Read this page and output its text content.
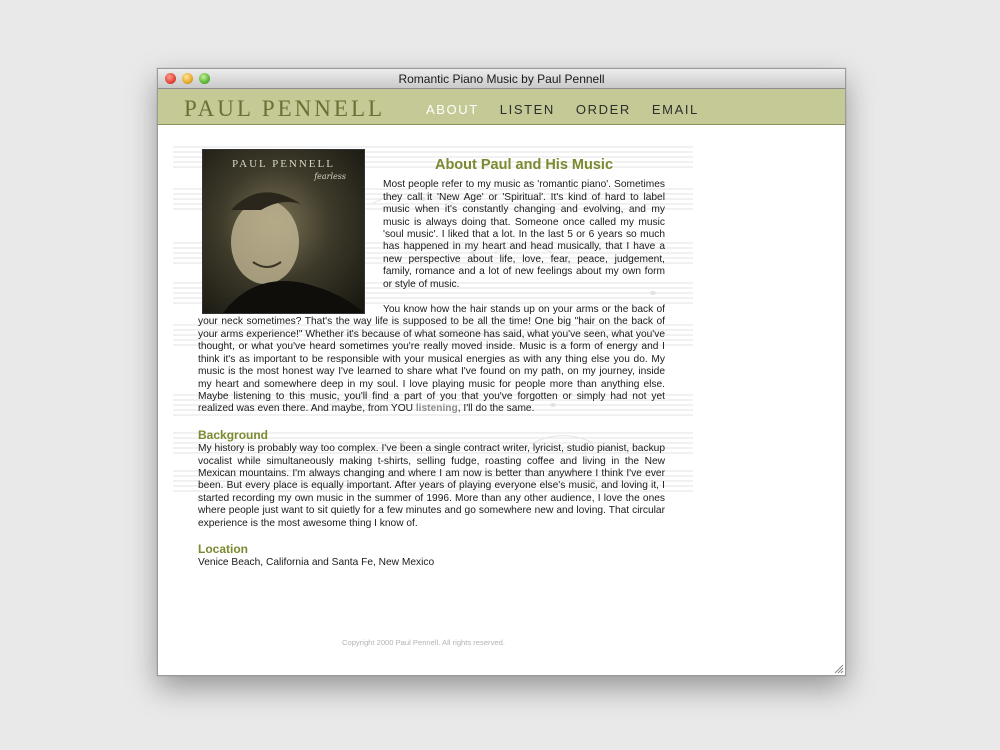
Romantic Piano Music by Paul Pennell
PAUL PENNELL	ABOUT LISTEN ORDER EMAIL
PAUL PENNELL
fearless
About Paul and His Music

Most people refer to my music as 'romantic piano'. Sometimes they call it 'New Age' or 'Spiritual'. It's kind of hard to label music when it's constantly changing and evolving, and my music is always doing that. Someone once called my music 'soul music'. I liked that a lot. In the last 5 or 6 years so much has happened in my heart and head musically, that I have a new perspective about life, love, fear, peace, judgement, family, romance and a lot of new feelings about my own form or style of music.

You know how the hair stands up on your arms or the back of your neck sometimes? That's the way life is supposed to be all the time! One big "hair on the back of your arms experience!" Whether it's because of what someone has said, what you've seen, what you've thought, or what you've heard sometimes you're really moved inside. Music is a form of energy and I think it's as important to be responsible with your musical energies as with any thing else you do. My music is the most honest way I've learned to share what I've found on my path, on my journey, inside my heart and somewhere deep in my soul. I love playing music for people more than anything else. Maybe listening to this music, you'll find a part of you that you've forgotten or simply had not yet realized was even there. And maybe, from YOU listening, I'll do the same.

Background

My history is probably way too complex. I've been a single contract writer, lyricist, studio pianist, backup vocalist while simultaneously making t-shirts, selling fudge, roasting coffee and living in the New Mexican mountains. I'm always changing and where I am now is better than anywhere I think I've ever been. But every place is equally important. After years of playing everyone else's music, and loving it, I started recording my own music in the summer of 1996. More than any other audience, I love the ones where people just want to sit quietly for a few minutes and go somewhere new and loving. That circular experience is the most awesome thing I know of.

Location
Venice Beach, California and Santa Fe, New Mexico
Copyright 2000 Paul Pennell. All rights reserved.
